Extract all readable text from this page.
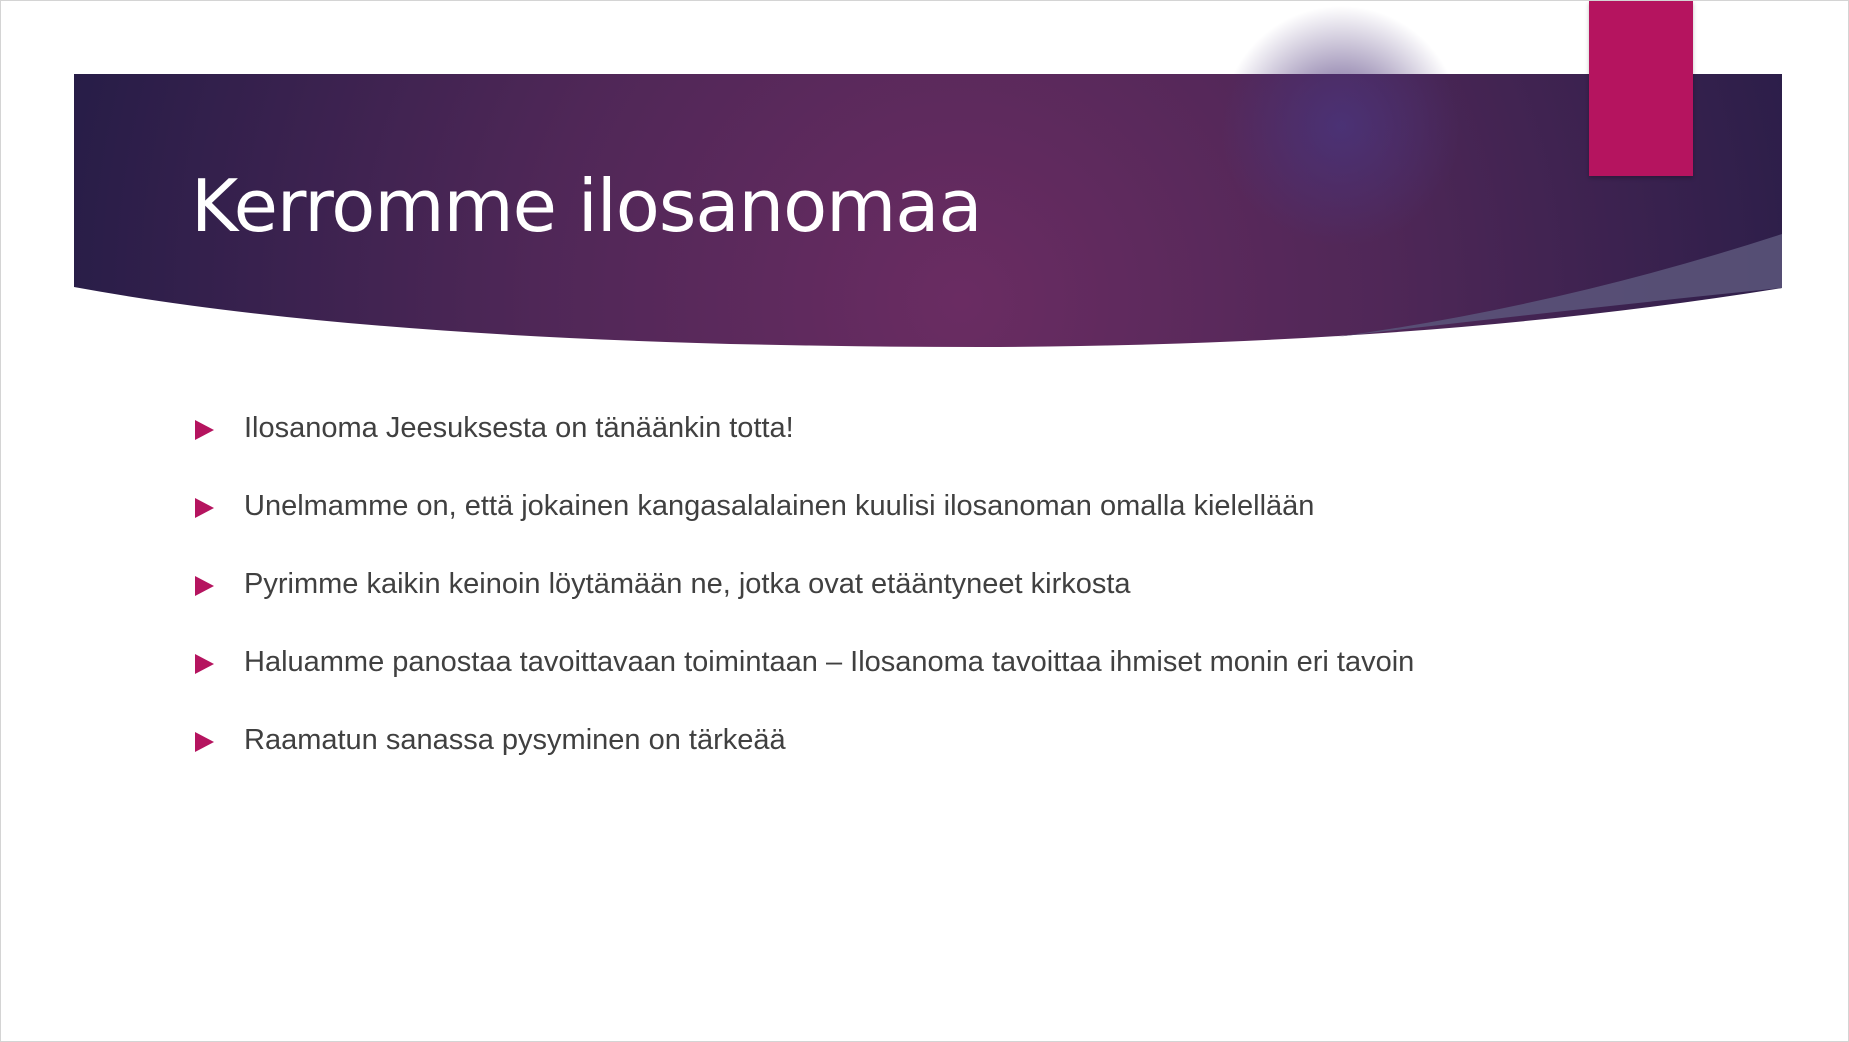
Kerromme ilosanomaa
Ilosanoma Jeesuksesta on tänäänkin totta!
Unelmamme on, että jokainen kangasalalainen kuulisi ilosanoman omalla kielellään
Pyrimme kaikin keinoin löytämään ne, jotka ovat etääntyneet kirkosta
Haluamme panostaa tavoittavaan toimintaan – Ilosanoma tavoittaa ihmiset monin eri tavoin
Raamatun sanassa pysyminen on tärkeää
